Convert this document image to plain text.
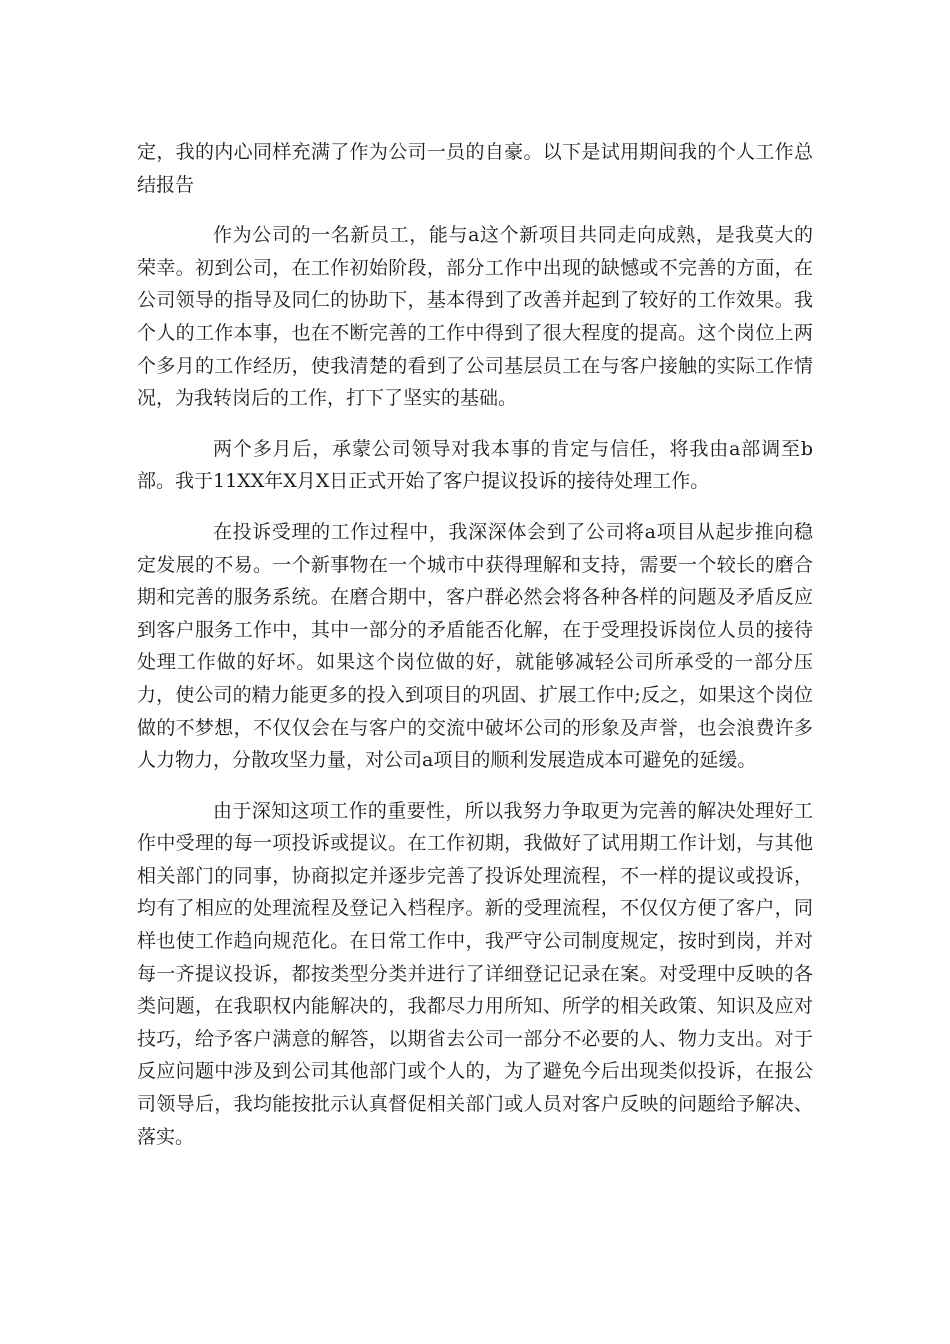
定，我的内心同样充满了作为公司一员的自豪。以下是试用期间我的个人工作总结报告

作为公司的一名新员工，能与a这个新项目共同走向成熟，是我莫大的荣幸。初到公司，在工作初始阶段，部分工作中出现的缺憾或不完善的方面，在公司领导的指导及同仁的协助下，基本得到了改善并起到了较好的工作效果。我个人的工作本事，也在不断完善的工作中得到了很大程度的提高。这个岗位上两个多月的工作经历，使我清楚的看到了公司基层员工在与客户接触的实际工作情况，为我转岗后的工作，打下了坚实的基础。

两个多月后，承蒙公司领导对我本事的肯定与信任，将我由a部调至b部。我于11XX年X月X日正式开始了客户提议投诉的接待处理工作。

在投诉受理的工作过程中，我深深体会到了公司将a项目从起步推向稳定发展的不易。一个新事物在一个城市中获得理解和支持，需要一个较长的磨合期和完善的服务系统。在磨合期中，客户群必然会将各种各样的问题及矛盾反应到客户服务工作中，其中一部分的矛盾能否化解，在于受理投诉岗位人员的接待处理工作做的好坏。如果这个岗位做的好，就能够减轻公司所承受的一部分压力，使公司的精力能更多的投入到项目的巩固、扩展工作中;反之，如果这个岗位做的不梦想，不仅仅会在与客户的交流中破坏公司的形象及声誉，也会浪费许多人力物力，分散攻坚力量，对公司a项目的顺利发展造成本可避免的延缓。

由于深知这项工作的重要性，所以我努力争取更为完善的解决处理好工作中受理的每一项投诉或提议。在工作初期，我做好了试用期工作计划，与其他相关部门的同事，协商拟定并逐步完善了投诉处理流程，不一样的提议或投诉，均有了相应的处理流程及登记入档程序。新的受理流程，不仅仅方便了客户，同样也使工作趋向规范化。在日常工作中，我严守公司制度规定，按时到岗，并对每一齐提议投诉，都按类型分类并进行了详细登记记录在案。对受理中反映的各类问题，在我职权内能解决的，我都尽力用所知、所学的相关政策、知识及应对技巧，给予客户满意的解答，以期省去公司一部分不必要的人、物力支出。对于反应问题中涉及到公司其他部门或个人的，为了避免今后出现类似投诉，在报公司领导后，我均能按批示认真督促相关部门或人员对客户反映的问题给予解决、落实。
